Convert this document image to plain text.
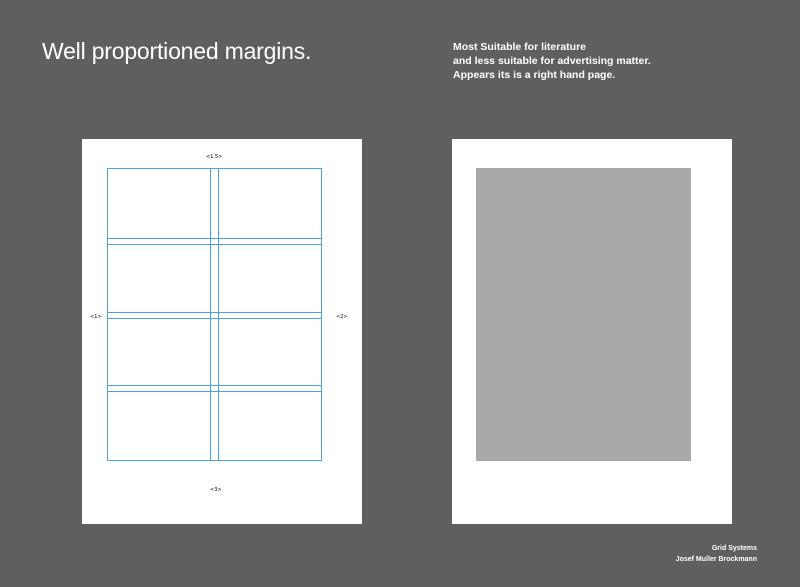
Well proportioned margins.	Most Suitable for literature
and less suitable for advertising matter.
Appears its is a right hand page.
<1.5>
<1>	<2>
<3>
Grid Systems
Josef Muller Brockmann
